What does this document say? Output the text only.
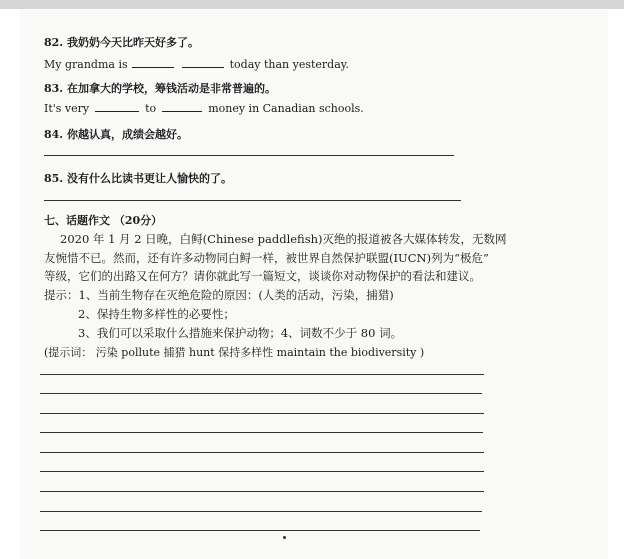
82. 我奶奶今天比昨天好多了。
My grandma is	today than yesterday.
83. 在加拿大的学校，筹钱活动是非常普遍的。
It's very	to	money in Canadian schools.
84. 你越认真，成绩会越好。
85. 没有什么比读书更让人愉快的了。
七、话题作文 （20分）
2020 年 1 月 2 日晚，白鲟(Chinese paddlefish)灭绝的报道被各大媒体转发，无数网
友惋惜不已。然而，还有许多动物同白鲟一样，被世界自然保护联盟(IUCN)列为“极危”
等级，它们的出路又在何方？请你就此写一篇短文，谈谈你对动物保护的看法和建议。
提示：1、当前生物存在灭绝危险的原因：(人类的活动，污染，捕猎)
2、保持生物多样性的必要性；
3、我们可以采取什么措施来保护动物；4、词数不少于 80 词。
(提示词： 污染 pollute 捕猎 hunt 保持多样性 maintain the biodiversity )
